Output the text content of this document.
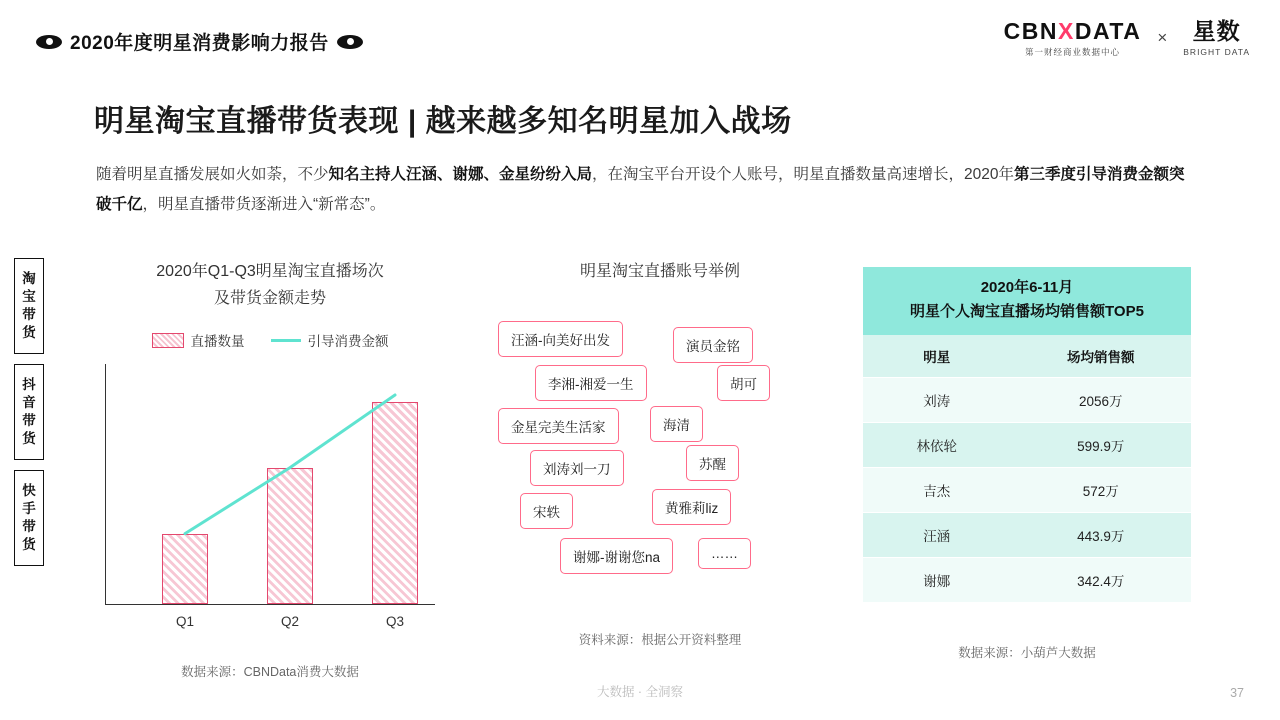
2020年度明星消费影响力报告	CBNXDATA
第一财经商业数据中心
×	星数
BRIGHT DATA
明星淘宝直播带货表现 | 越来越多知名明星加入战场
随着明星直播发展如火如荼，不少知名主持人汪涵、谢娜、金星纷纷入局，在淘宝平台开设个人账号，明星直播数量高速增长，2020年第三季度引导消费金额突破千亿，明星直播带货逐渐进入“新常态”。
淘
宝
带
货
抖
音
带
货
快
手
带
货
2020年Q1-Q3明星淘宝直播场次
及带货金额走势
直播数量	引导消费金额
Q1	Q2	Q3
数据来源：CBNData消费大数据
明星淘宝直播账号举例
汪涵-向美好出发	演员金铭
李湘-湘爱一生	胡可
金星完美生活家	海清
刘涛刘一刀	苏醒
宋轶	黄雅莉liz
谢娜-谢谢您na	……
资料来源：根据公开资料整理
2020年6-11月
明星个人淘宝直播场均销售额TOP5
明星	场均销售额
刘涛	2056万
林依轮	599.9万
吉杰	572万
汪涵	443.9万
谢娜	342.4万
数据来源：小葫芦大数据
大数据 · 全洞察	37
